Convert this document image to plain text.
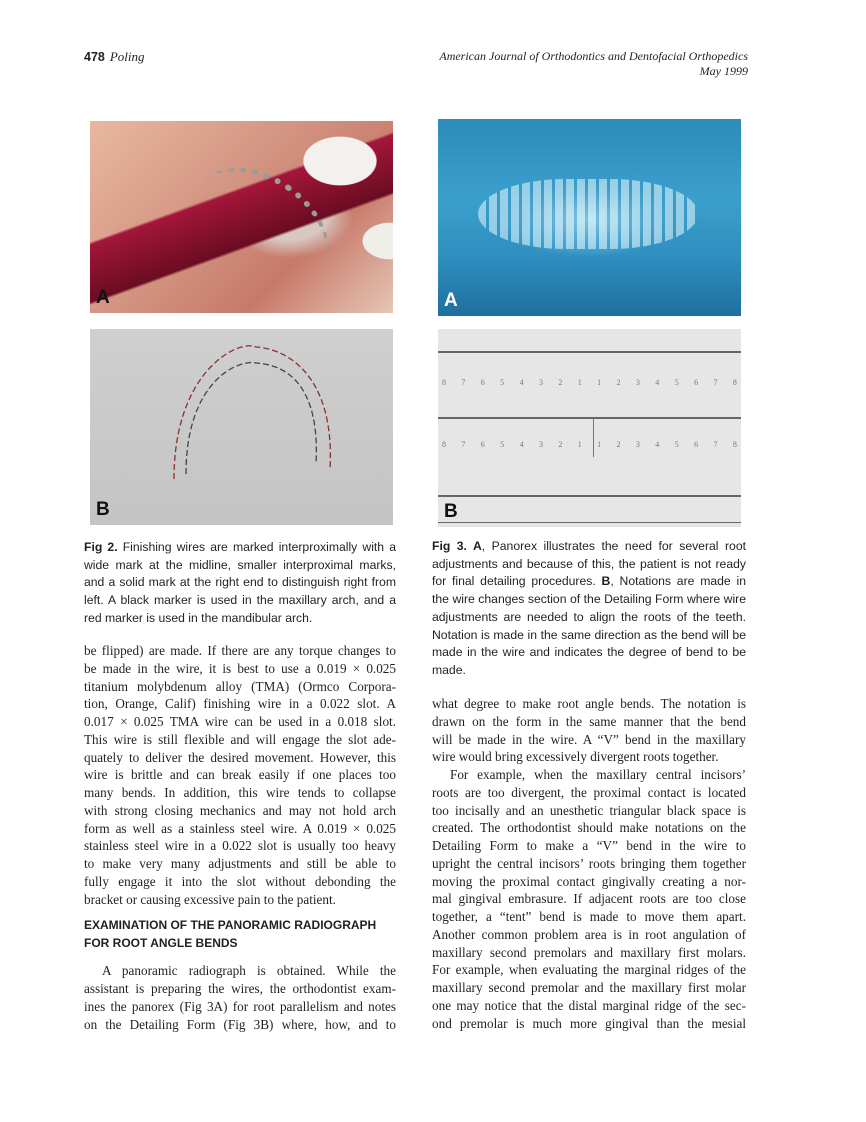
478 Poling	American Journal of Orthodontics and Dentofacial Orthopedics
May 1999
A
B
A
8 7 6 5 4 3 2 1 1 2 3 4 5 6 7 8
8 7 6 5 4 3 2 1 1 2 3 4 5 6 7 8
B
Fig 2. Finishing wires are marked interproximally with a wide mark at the midline, smaller interproximal marks, and a solid mark at the right end to distinguish right from left. A black marker is used in the maxillary arch, and a red marker is used in the mandibular arch.
Fig 3. A, Panorex illustrates the need for several root adjustments and because of this, the patient is not ready for final detailing procedures. B, Notations are made in the wire changes section of the Detailing Form where wire adjustments are needed to align the roots of the teeth. Notation is made in the same direction as the bend will be made in the wire and indicates the degree of bend to be made.
be flipped) are made. If there are any torque changes to
be made in the wire, it is best to use a 0.019 × 0.025
titanium molybdenum alloy (TMA) (Ormco Corpora-
tion, Orange, Calif) finishing wire in a 0.022 slot. A
0.017 × 0.025 TMA wire can be used in a 0.018 slot.
This wire is still flexible and will engage the slot ade-
quately to deliver the desired movement. However, this
wire is brittle and can break easily if one places too
many bends. In addition, this wire tends to collapse
with strong closing mechanics and may not hold arch
form as well as a stainless steel wire. A 0.019 × 0.025
stainless steel wire in a 0.022 slot is usually too heavy
to make very many adjustments and still be able to
fully engage it into the slot without debonding the
bracket or causing excessive pain to the patient.
EXAMINATION OF THE PANORAMIC RADIOGRAPH
FOR ROOT ANGLE BENDS
A panoramic radiograph is obtained. While the
assistant is preparing the wires, the orthodontist exam-
ines the panorex (Fig 3A) for root parallelism and notes
on the Detailing Form (Fig 3B) where, how, and to
what degree to make root angle bends. The notation is
drawn on the form in the same manner that the bend
will be made in the wire. A “V” bend in the maxillary
wire would bring excessively divergent roots together.
For example, when the maxillary central incisors’
roots are too divergent, the proximal contact is located
too incisally and an unesthetic triangular black space is
created. The orthodontist should make notations on the
Detailing Form to make a “V” bend in the wire to
upright the central incisors’ roots bringing them together
moving the proximal contact gingivally creating a nor-
mal gingival embrasure. If adjacent roots are too close
together, a “tent” bend is made to move them apart.
Another common problem area is in root angulation of
maxillary second premolars and maxillary first molars.
For example, when evaluating the marginal ridges of the
maxillary second premolar and the maxillary first molar
one may notice that the distal marginal ridge of the sec-
ond premolar is much more gingival than the mesial
